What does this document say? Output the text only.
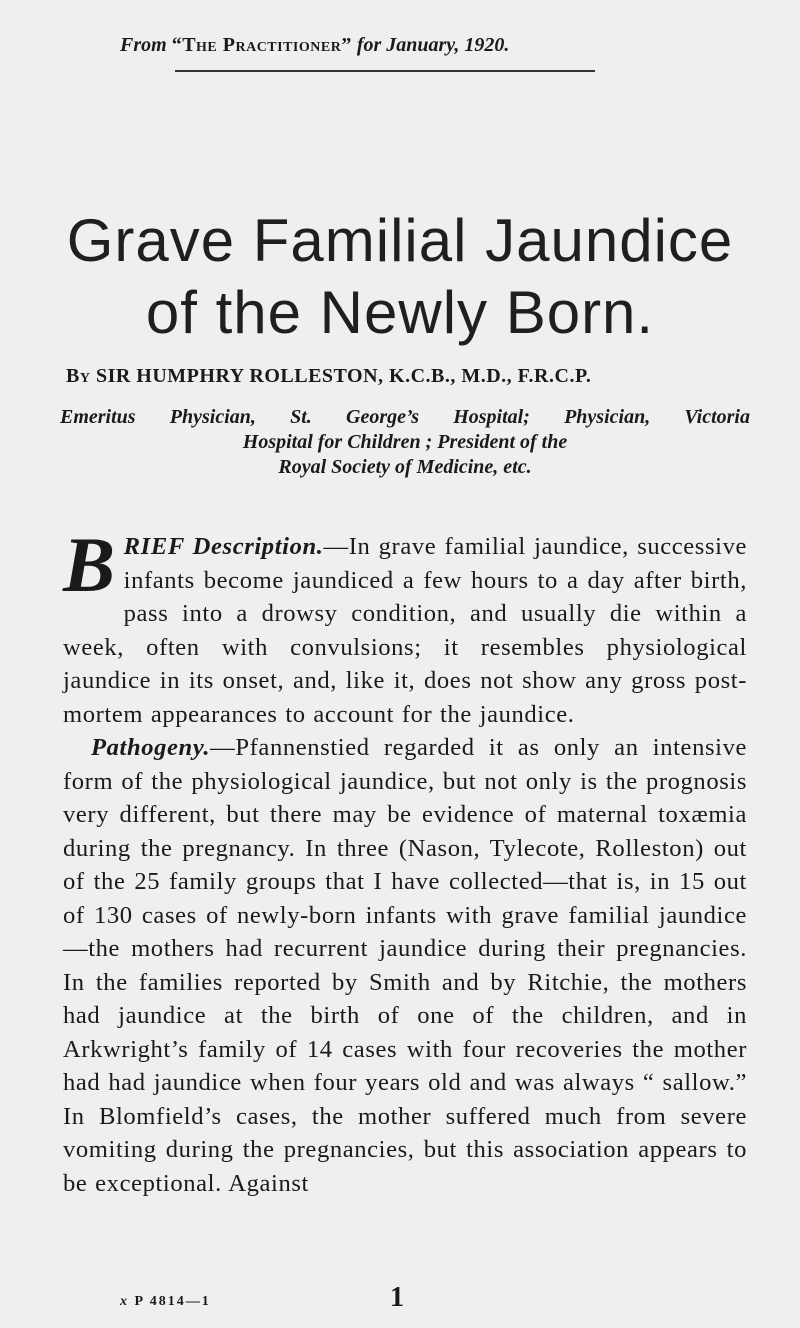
From “The Practitioner” for January, 1920.
Grave Familial Jaundice
of the Newly Born.
By SIR HUMPHRY ROLLESTON, K.C.B., M.D., F.R.C.P.
Emeritus Physician, St. George’s Hospital; Physician, Victoria
Hospital for Children ; President of the
Royal Society of Medicine, etc.

BRIEF Description.—In grave familial jaundice, successive infants become jaundiced a few hours to a day after birth, pass into a drowsy condition, and usually die within a week, often with convulsions; it resembles physiological jaundice in its onset, and, like it, does not show any gross post-mortem appearances to account for the jaundice.

Pathogeny.—Pfannenstied regarded it as only an intensive form of the physiological jaundice, but not only is the prognosis very different, but there may be evidence of maternal toxæmia during the pregnancy. In three (Nason, Tylecote, Rolleston) out of the 25 family groups that I have collected—that is, in 15 out of 130 cases of newly-born infants with grave familial jaundice—the mothers had recurrent jaundice during their pregnancies. In the families reported by Smith and by Ritchie, the mothers had jaundice at the birth of one of the children, and in Arkwright’s family of 14 cases with four recoveries the mother had had jaundice when four years old and was always “ sallow.” In Blomfield’s cases, the mother suffered much from severe vomiting during the pregnancies, but this association appears to be exceptional. Against

x P 4814—1	1
